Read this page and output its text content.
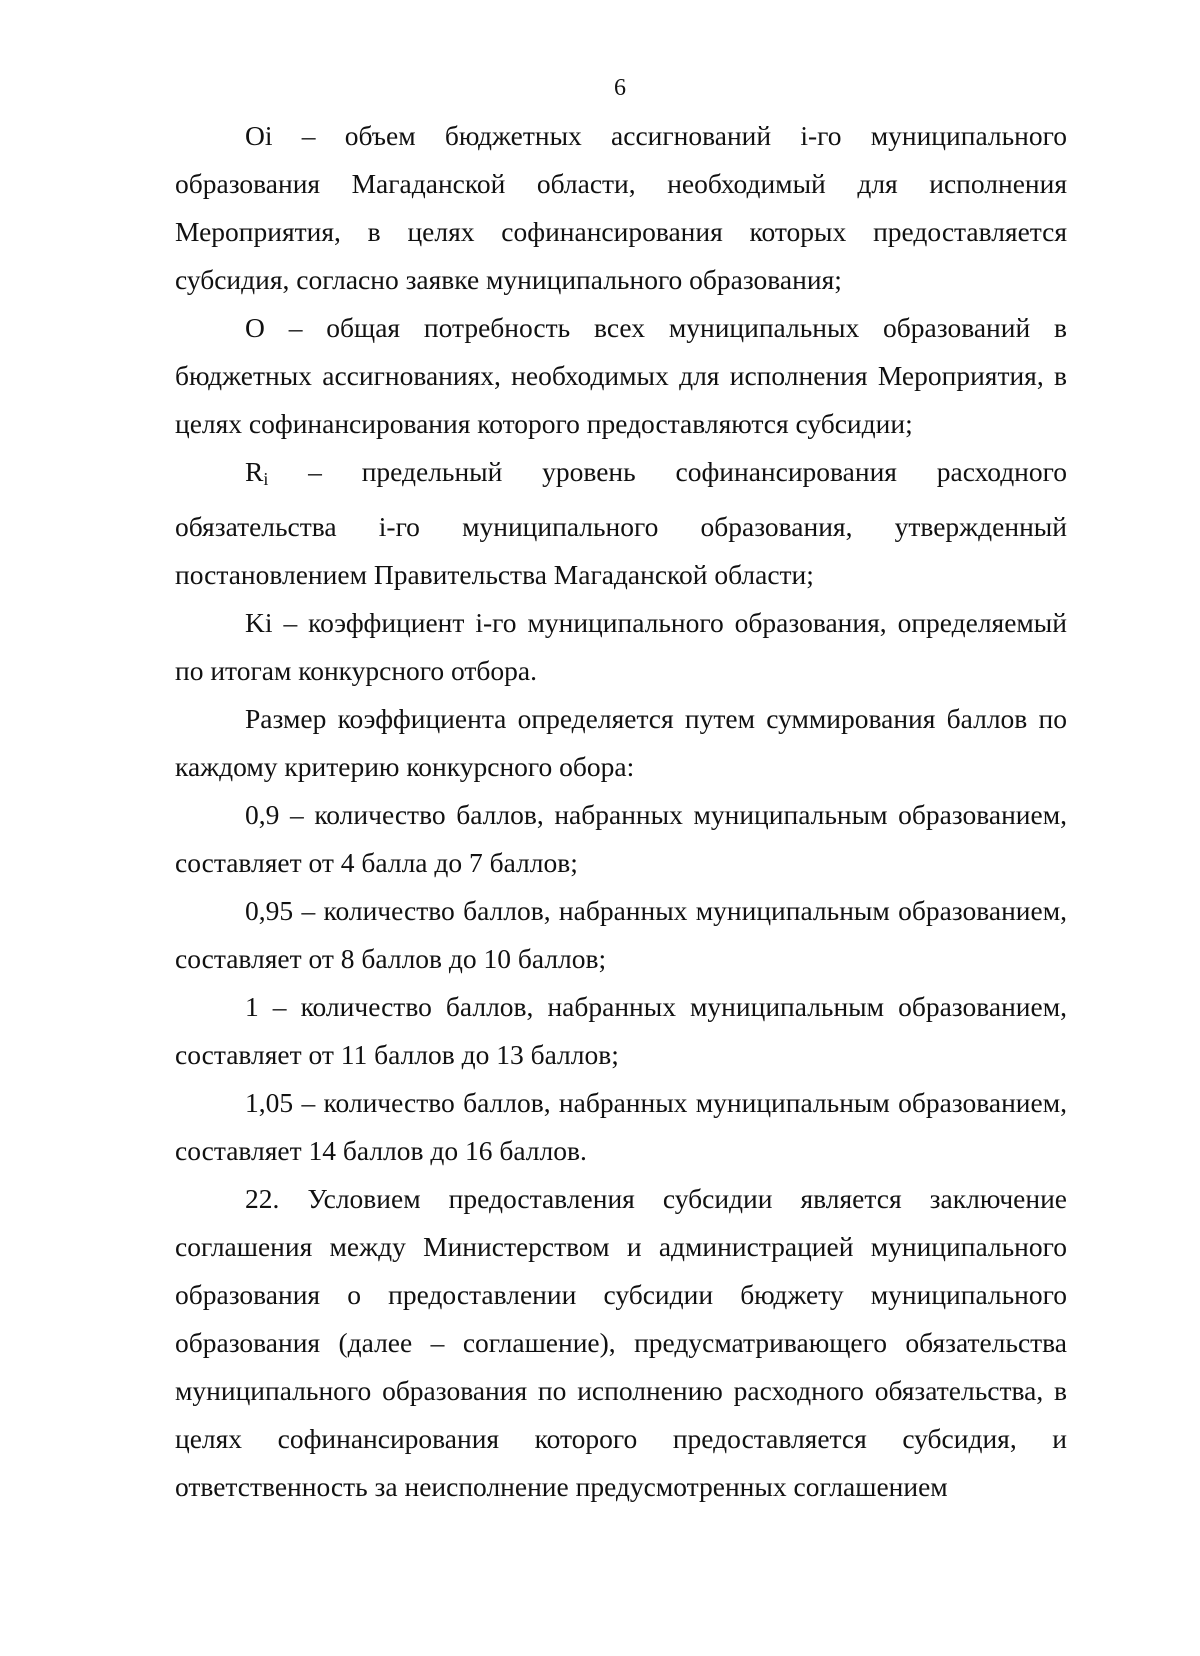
6

Oi – объем бюджетных ассигнований i-го муниципального образования Магаданской области, необходимый для исполнения Мероприятия, в целях софинансирования которых предоставляется субсидия, согласно заявке муниципального образования;

O – общая потребность всех муниципальных образований в бюджетных ассигнованиях, необходимых для исполнения Мероприятия, в целях софинансирования которого предоставляются субсидии;

$R_i$ – предельный уровень софинансирования расходного обязательства i-го муниципального образования, утвержденный постановлением Правительства Магаданской области;

Ki – коэффициент i-го муниципального образования, определяемый по итогам конкурсного отбора.

Размер коэффициента определяется путем суммирования баллов по каждому критерию конкурсного обора:

0,9 – количество баллов, набранных муниципальным образованием, составляет от 4 балла до 7 баллов;

0,95 – количество баллов, набранных муниципальным образованием, составляет от 8 баллов до 10 баллов;

1 – количество баллов, набранных муниципальным образованием, составляет от 11 баллов до 13 баллов;

1,05 – количество баллов, набранных муниципальным образованием, составляет 14 баллов до 16 баллов.

22. Условием предоставления субсидии является заключение соглашения между Министерством и администрацией муниципального образования о предоставлении субсидии бюджету муниципального образования (далее – соглашение), предусматривающего обязательства муниципального образования по исполнению расходного обязательства, в целях софинансирования которого предоставляется субсидия, и ответственность за неисполнение предусмотренных соглашением
